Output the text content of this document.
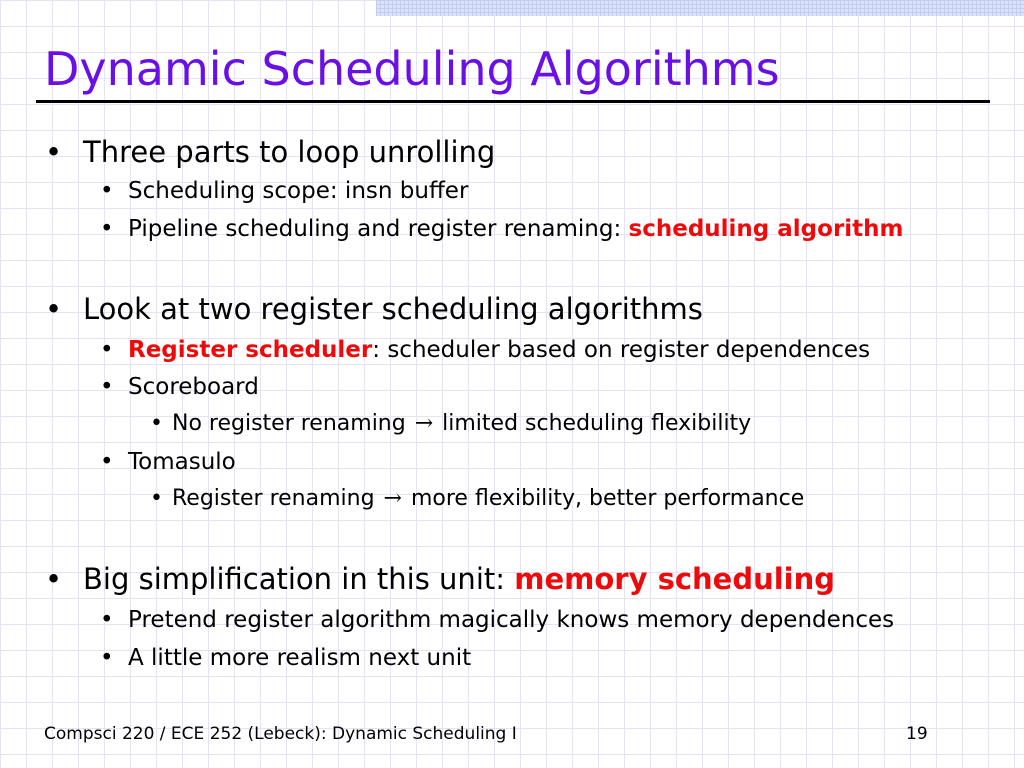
Dynamic Scheduling Algorithms
• Three parts to loop unrolling
• Scheduling scope: insn buffer
• Pipeline scheduling and register renaming: scheduling algorithm
• Look at two register scheduling algorithms
• Register scheduler: scheduler based on register dependences
• Scoreboard
• No register renaming → limited scheduling flexibility
• Tomasulo
• Register renaming → more flexibility, better performance
• Big simplification in this unit: memory scheduling
• Pretend register algorithm magically knows memory dependences
• A little more realism next unit
Compsci 220 / ECE 252 (Lebeck): Dynamic Scheduling I	19
